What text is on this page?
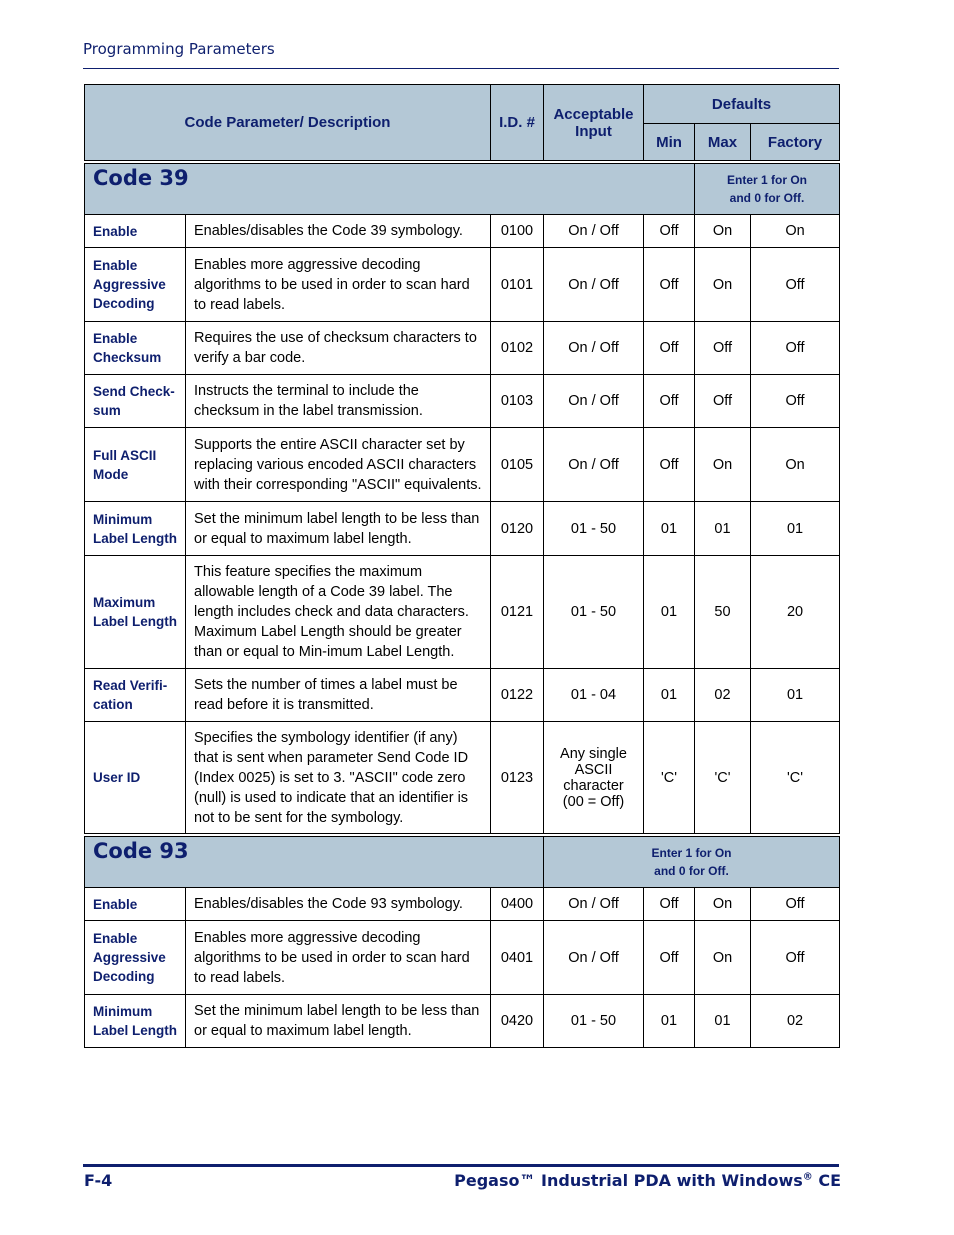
Programming Parameters
Code Parameter/ Description		I.D. #	Acceptable Input	Defaults		
				Min	Max	Factory

Code 39					Enter 1 for On
and 0 for Off.	

Enable	Enables/disables the Code 39 symbology.	0100	On / Off	Off	On	On
Enable Aggressive Decoding	Enables more aggressive decoding algorithms to be used in order to scan hard to read labels.	0101	On / Off	Off	On	Off
Enable Checksum	Requires the use of checksum characters to verify a bar code.	0102	On / Off	Off	Off	Off
Send Check-sum	Instructs the terminal to include the checksum in the label transmission.	0103	On / Off	Off	Off	Off
Full ASCII Mode	Supports the entire ASCII character set by replacing various encoded ASCII characters with their corresponding "ASCII" equivalents.	0105	On / Off	Off	On	On
Minimum Label Length	Set the minimum label length to be less than or equal to maximum label length.	0120	01 - 50	01	01	01
Maximum Label Length	This feature specifies the maximum allowable length of a Code 39 label. The length includes check and data characters. Maximum Label Length should be greater than or equal to Min-imum Label Length.	0121	01 - 50	01	50	20
Read Verifi-cation	Sets the number of times a label must be read before it is transmitted.	0122	01 - 04	01	02	01
User ID	Specifies the symbology identifier (if any) that is sent when parameter Send Code ID (Index 0025) is set to 3. "ASCII" code zero (null) is used to indicate that an identifier is not to be sent for the symbology.	0123	Any single ASCII character (00 = Off)	'C'	'C'	'C'

Code 93			Enter 1 for On
and 0 for Off.			

Enable	Enables/disables the Code 93 symbology.	0400	On / Off	Off	On	Off
Enable Aggressive Decoding	Enables more aggressive decoding algorithms to be used in order to scan hard to read labels.	0401	On / Off	Off	On	Off
Minimum Label Length	Set the minimum label length to be less than or equal to maximum label length.	0420	01 - 50	01	01	02
F-4	Pegaso™ Industrial PDA with Windows® CE
